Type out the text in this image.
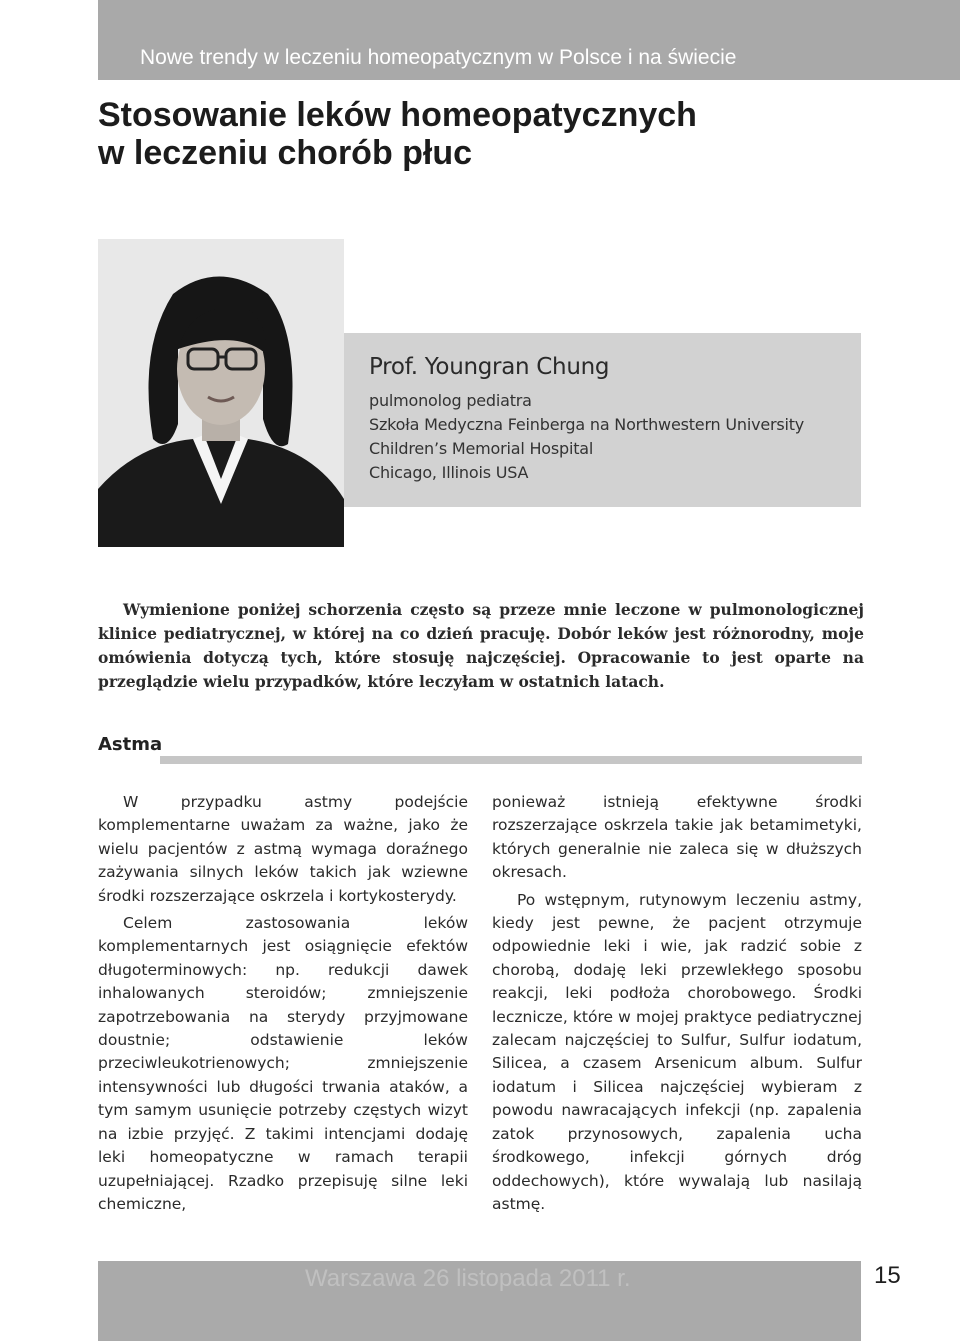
Nowe trendy w leczeniu homeopatycznym w Polsce i na świecie
Stosowanie leków homeopatycznych
w leczeniu chorób płuc
Prof. Youngran Chung
pulmonolog pediatra
Szkoła Medyczna Feinberga na Northwestern University
Children’s Memorial Hospital
Chicago, Illinois USA

Wymienione poniżej schorzenia często są przeze mnie leczone w pulmonologicznej klinice pediatrycznej, w której na co dzień pracuję. Dobór leków jest różnorodny, moje omówienia dotyczą tych, które stosuję najczęściej. Opracowanie to jest oparte na przeglądzie wielu przypadków, które leczyłam w ostatnich latach.

Astma

W przypadku astmy podejście komplementarne uważam za ważne, jako że wielu pacjentów z astmą wymaga doraźnego zażywania silnych leków takich jak wziewne środki rozszerzające oskrzela i kortykosterydy.

Celem zastosowania leków komplementarnych jest osiągnięcie efektów długoterminowych: np. redukcji dawek inhalowanych steroidów; zmniejszenie zapotrzebowania na sterydy przyjmowane doustnie; odstawienie leków przeciwleukotrienowych; zmniejszenie intensywności lub długości trwania ataków, a tym samym usunięcie potrzeby częstych wizyt na izbie przyjęć. Z takimi intencjami dodaję leki homeopatyczne w ramach terapii uzupełniającej. Rzadko przepisuję silne leki chemiczne,

ponieważ istnieją efektywne środki rozszerzające oskrzela takie jak betamimetyki, których generalnie nie zaleca się w dłuższych okresach.

Po wstępnym, rutynowym leczeniu astmy, kiedy jest pewne, że pacjent otrzymuje odpowiednie leki i wie, jak radzić sobie z chorobą, dodaję leki przewlekłego sposobu reakcji, leki podłoża chorobowego. Środki lecznicze, które w mojej praktyce pediatrycznej zalecam najczęściej to Sulfur, Sulfur iodatum, Silicea, a czasem Arsenicum album. Sulfur iodatum i Silicea najczęściej wybieram z powodu nawracających infekcji (np. zapalenia zatok przynosowych, zapalenia ucha środkowego, infekcji górnych dróg oddechowych), które wywalają lub nasilają astmę.

Warszawa 26 listopada 2011 r.	15
